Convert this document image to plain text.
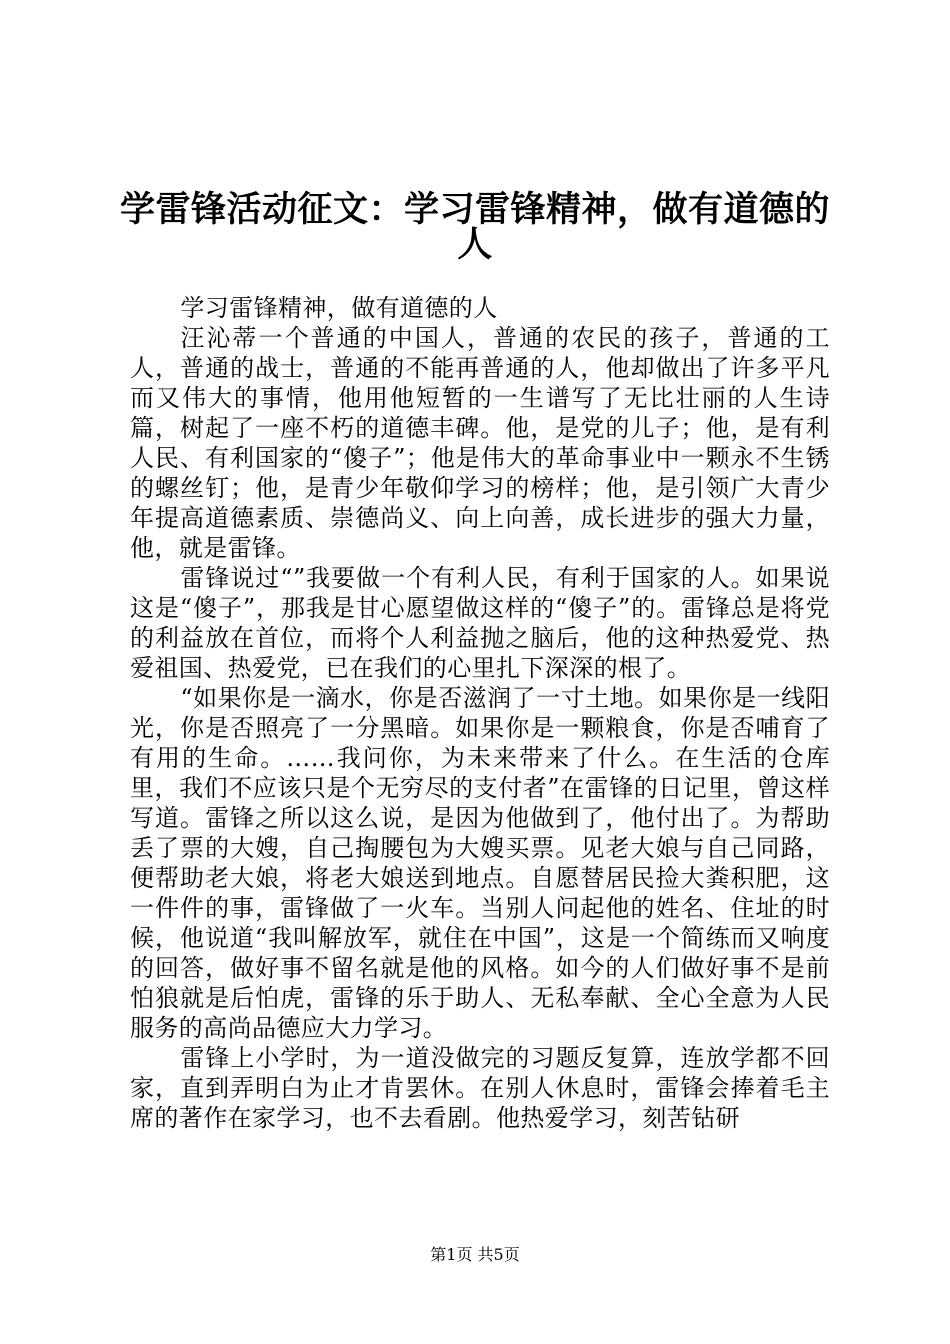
学雷锋活动征文：学习雷锋精神，做有道德的
人

学习雷锋精神，做有道德的人

汪沁蒂一个普通的中国人，普通的农民的孩子，普通的工人，普通的战士，普通的不能再普通的人，他却做出了许多平凡而又伟大的事情，他用他短暂的一生谱写了无比壮丽的人生诗篇，树起了一座不朽的道德丰碑。他，是党的儿子；他，是有利人民、有利国家的“傻子”；他是伟大的革命事业中一颗永不生锈的螺丝钉；他，是青少年敬仰学习的榜样；他，是引领广大青少年提高道德素质、崇德尚义、向上向善，成长进步的强大力量，他，就是雷锋。

雷锋说过“”我要做一个有利人民，有利于国家的人。如果说这是“傻子”，那我是甘心愿望做这样的“傻子”的。雷锋总是将党的利益放在首位，而将个人利益抛之脑后，他的这种热爱党、热爱祖国、热爱党，已在我们的心里扎下深深的根了。

“如果你是一滴水，你是否滋润了一寸土地。如果你是一线阳光，你是否照亮了一分黑暗。如果你是一颗粮食，你是否哺育了有用的生命。……我问你，为未来带来了什么。在生活的仓库里，我们不应该只是个无穷尽的支付者”在雷锋的日记里，曾这样写道。雷锋之所以这么说，是因为他做到了，他付出了。为帮助丢了票的大嫂，自己掏腰包为大嫂买票。见老大娘与自己同路，便帮助老大娘，将老大娘送到地点。自愿替居民捡大粪积肥，这一件件的事，雷锋做了一火车。当别人问起他的姓名、住址的时候，他说道“我叫解放军，就住在中国”，这是一个简练而又响度的回答，做好事不留名就是他的风格。如今的人们做好事不是前怕狼就是后怕虎，雷锋的乐于助人、无私奉献、全心全意为人民服务的高尚品德应大力学习。

雷锋上小学时，为一道没做完的习题反复算，连放学都不回家，直到弄明白为止才肯罢休。在别人休息时，雷锋会捧着毛主席的著作在家学习，也不去看剧。他热爱学习，刻苦钻研

第1页 共5页
